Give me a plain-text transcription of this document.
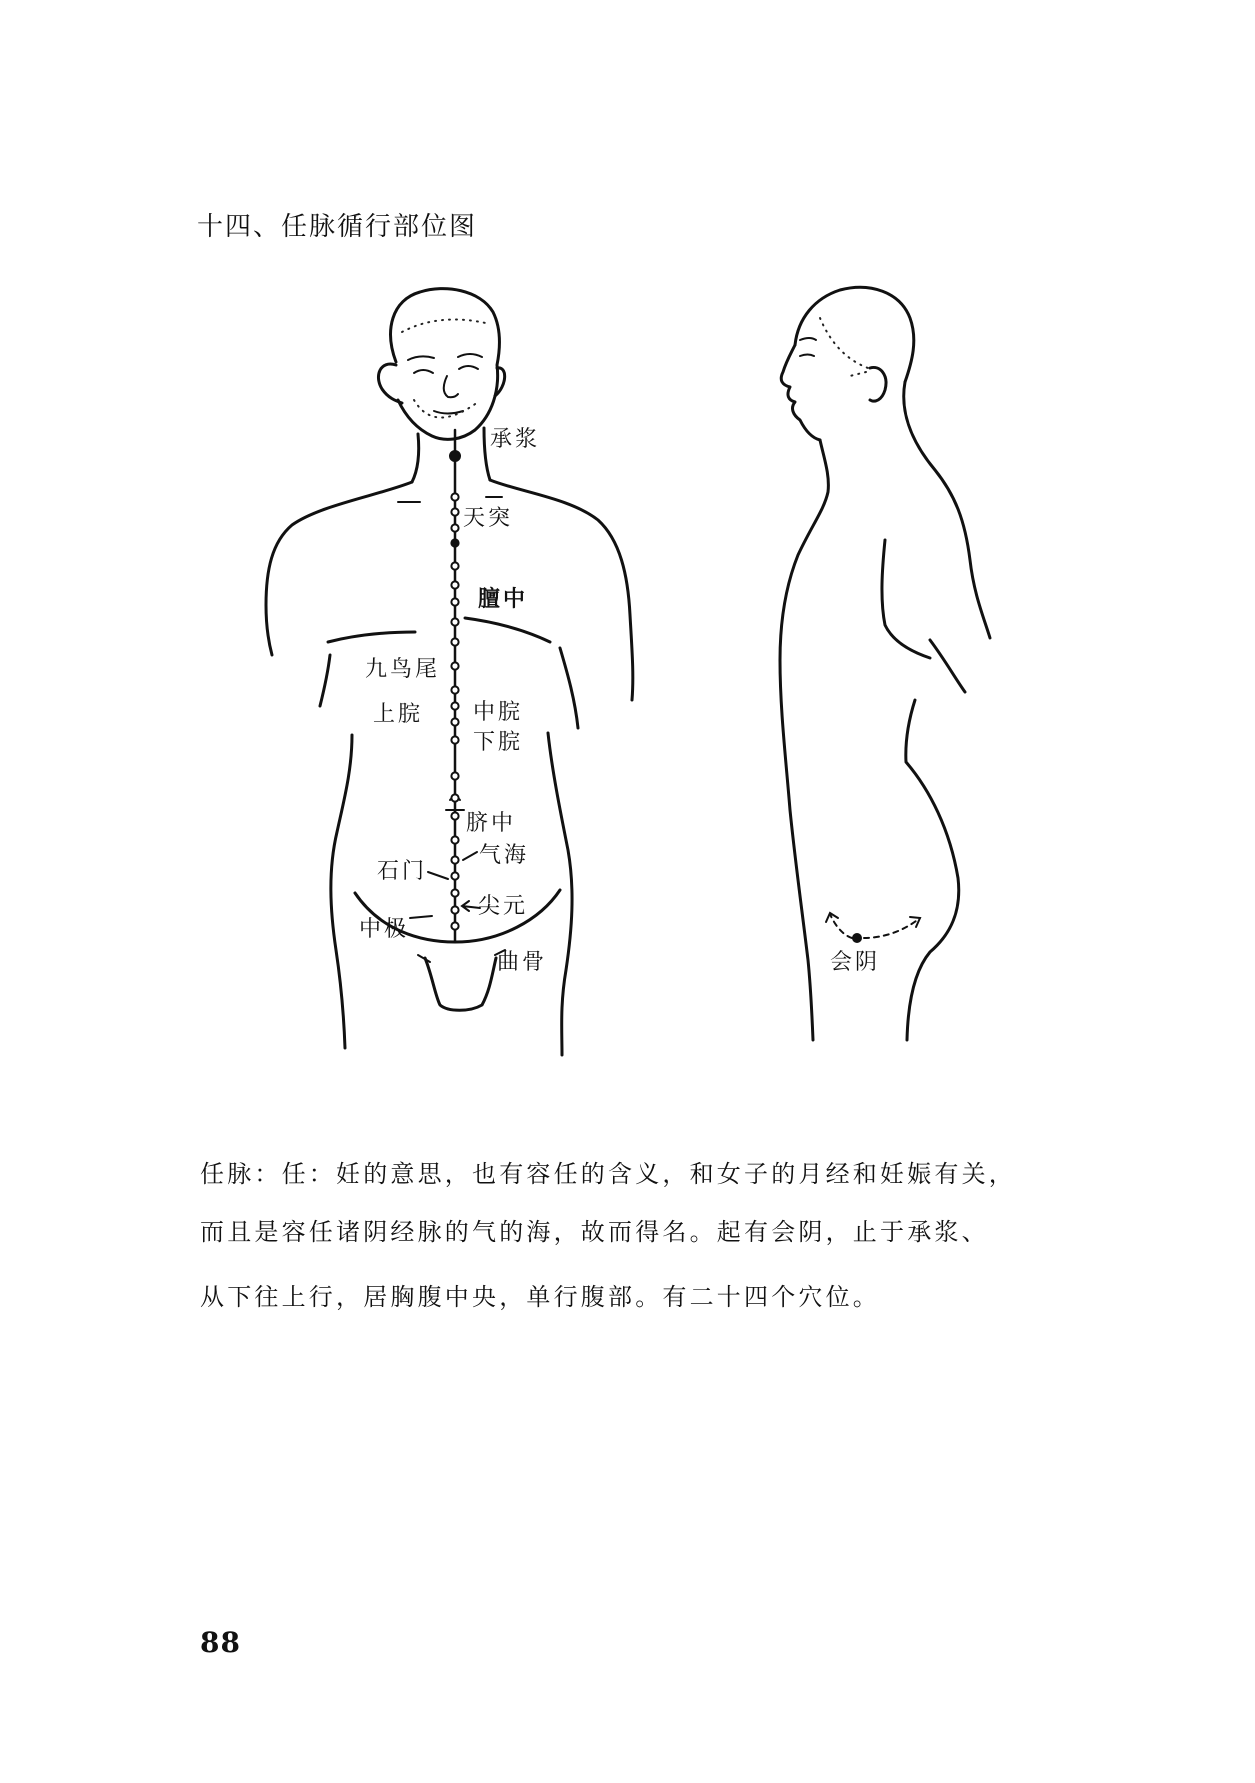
十四、任脉循行部位图
承浆
天突
膻中
九鸟尾
上脘 中脘
下脘
脐中
气海
石门
尖元
中极
曲骨	会阴
任脉：任：妊的意思，也有容任的含义，和女子的月经和妊娠有关，
而且是容任诸阴经脉的气的海，故而得名。起有会阴，止于承浆、
从下往上行，居胸腹中央，单行腹部。有二十四个穴位。
88
